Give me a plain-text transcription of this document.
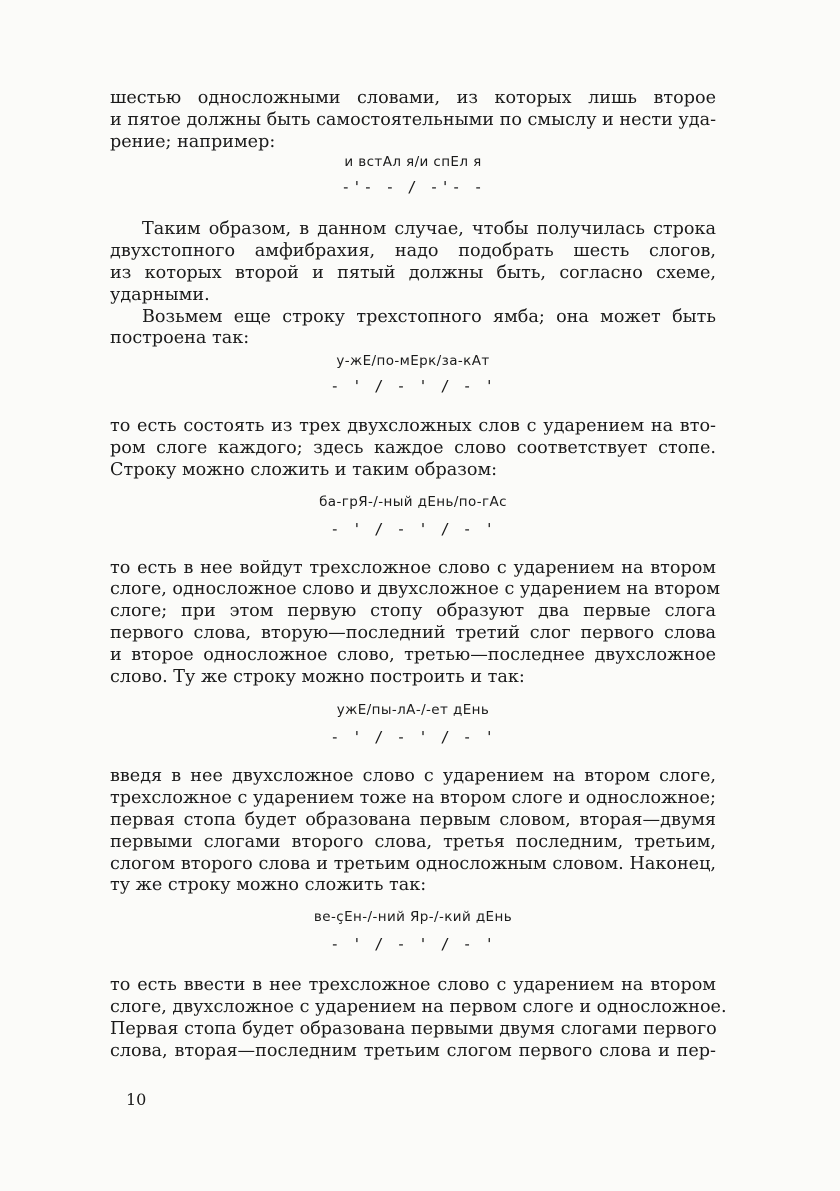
шестью односложными словами, из которых лишь второе
и пятое должны быть самостоятельными по смыслу и нести уда-
рение; например:

и встАл я/и спЕл я

-'- - / -'- -

Таким образом, в данном случае, чтобы получилась строка
двухстопного амфибрахия, надо подобрать шесть слогов,
из которых второй и пятый должны быть, согласно схеме,
ударными.
Возьмем еще строку трехстопного ямба; она может быть
построена так:

у-жЕ/по-мЕрк/за-кАт

- ' / - ' / - '

то есть состоять из трех двухсложных слов с ударением на вто-
ром слоге каждого; здесь каждое слово соответствует стопе.
Строку можно сложить и таким образом:

ба-грЯ-/-ный дЕнь/по-гАс

- ' / - ' / - '

то есть в нее войдут трехсложное слово с ударением на втором
слоге, односложное слово и двухсложное с ударением на втором
слоге; при этом первую стопу образуют два первые слога
первого слова, вторую—последний третий слог первого слова
и второе односложное слово, третью—последнее двухсложное
слово. Ту же строку можно построить и так:

ужЕ/пы-лА-/-ет дЕнь

- ' / - ' / - '

введя в нее двухсложное слово с ударением на втором слоге,
трехсложное с ударением тоже на втором слоге и односложное;
первая стопа будет образована первым словом, вторая—двумя
первыми слогами второго слова, третья последним, третьим,
слогом второго слова и третьим односложным словом. Наконец,
ту же строку можно сложить так:

ве-çЕн-/-ний Яр-/-кий дЕнь

- ' / - ' / - '

то есть ввести в нее трехсложное слово с ударением на втором
слоге, двухсложное с ударением на первом слоге и односложное.
Первая стопа будет образована первыми двумя слогами первого
слова, вторая—последним третьим слогом первого слова и пер-
10
